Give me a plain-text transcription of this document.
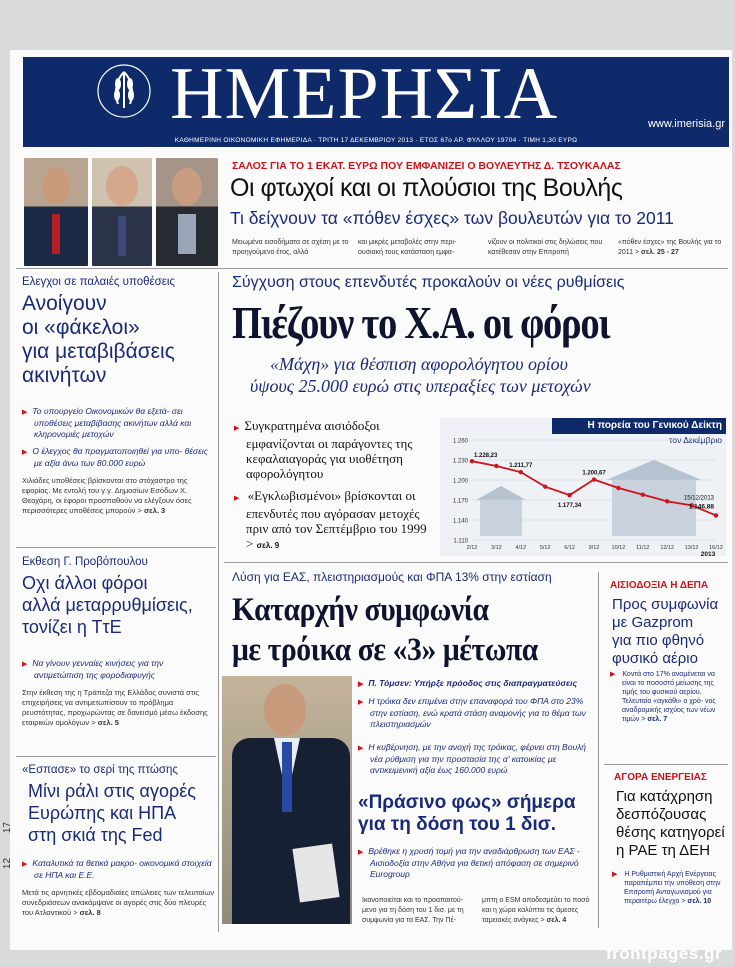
ΗΜΕΡΗΣΙΑ	www.imerisia.gr
ΚΑΘΗΜΕΡΙΝΗ ΟΙΚΟΝΟΜΙΚΗ ΕΦΗΜΕΡΙΔΑ · ΤΡΙΤΗ 17 ΔΕΚΕΜΒΡΙΟΥ 2013 · ΕΤΟΣ 67ο ΑΡ. ΦΥΛΛΟΥ 19704 · ΤΙΜΗ 1,30 ΕΥΡΩ
ΣΑΛΟΣ ΓΙΑ ΤΟ 1 ΕΚΑΤ. ΕΥΡΩ ΠΟΥ ΕΜΦΑΝΙΖΕΙ Ο ΒΟΥΛΕΥΤΗΣ Δ. ΤΣΟΥΚΑΛΑΣ
Οι φτωχοί και οι πλούσιοι της Βουλής
Τι δείχνουν τα «πόθεν έσχες» των βουλευτών για το 2011
Μειωμένα εισοδήματα σε σχέση με το προηγούμενο έτος, αλλά
και μικρές μεταβολές στην περι- ουσιακή τους κατάσταση εμφα-
νίζουν οι πολιτικοί στις δηλώσεις που κατέθεσαν στην Επιτροπή
«πόθεν έσχες» της Βουλής για το 2011 > σελ. 25 - 27
Ελεγχοι σε παλαιές υποθέσεις
Ανοίγουν
οι «φάκελοι»
για μεταβιβάσεις
ακινήτων
▶ Το υπουργείο Οικονομικών θα εξετά- σει υποθέσεις μεταβίβασης ακινήτων αλλά και κληρονομιές μετοχών
▶ Ο έλεγχος θα πραγματοποιηθεί για υπο- θέσεις με αξία άνω των 80.000 ευρώ
Χιλιάδες υποθέσεις βρίσκονται στο στόχαστρο της εφορίας. Με εντολή του γ.γ. Δημοσίων Εσόδων Χ. Θεοχάρη, οι έφοροι προσπαθούν να ελέγξουν όσες περισσότερες υποθέσεις μπορούν > σελ. 3
Εκθεση Γ. Προβόπουλου
Οχι άλλοι φόροι
αλλά μεταρρυθμίσεις,
τονίζει η ΤτΕ
▶ Να γίνουν γενναίες κινήσεις για την αντιμετώπιση της φοροδιαφυγής
Στην έκθεση της η Τράπεζα της Ελλάδος συνιστά στις επιχειρήσεις να αντιμετωπίσουν το πρόβλημα ρευστότητας, προχωρώντας σε δανεισμό μέσω έκδοσης εταιρικών ομολόγων > σελ. 5
«Εσπασε» το σερί της πτώσης
Μίνι ράλι στις αγορές
Ευρώπης και ΗΠΑ
στη σκιά της Fed
17
12
▶ Καταλυτικά τα θετικά μακρο- οικονομικά στοιχεία σε ΗΠΑ και Ε.Ε.
Μετά τις αρνητικές εβδομαδιαίες απώλειες των τελευταίων συνεδριάσεων ανακάμψανε οι αγορές στις δύο πλευρές του Ατλαντικού > σελ. 8
Σύγχυση στους επενδυτές προκαλούν οι νέες ρυθμίσεις
Πιέζουν το Χ.Α. οι φόροι
«Μάχη» για θέσπιση αφορολόγητου ορίου
ύψους 25.000 ευρώ στις υπεραξίες των μετοχών
▶ Συγκρατημένα αισιόδοξοι εμφανίζονται οι παράγοντες της κεφαλαιαγοράς για υιοθέτηση αφορολόγητου
▶ «Εγκλωβισμένοι» βρίσκονται οι επενδυτές που αγόρασαν μετοχές πριν από τον Σεπτέμβριο του 1999 > σελ. 9
Η πορεία του Γενικού Δείκτη
τον Δεκέμβριο
1.110
1.140
1.170
1.200
1.230
1.260
2/12 3/12 4/12 5/12 6/12 9/12 10/12 11/12 12/12 13/12 16/12
2013
1.228,23
1.211,77
1.177,34
1.200,67
15/12/2013
1.146,88
Λύση για ΕΑΣ, πλειστηριασμούς και ΦΠΑ 13% στην εστίαση
Καταρχήν συμφωνία
με τρόικα σε «3» μέτωπα
▶ Π. Τόμσεν: Υπήρξε πρόοδος στις διαπραγματεύσεις
▶ Η τρόικα δεν επιμένει στην επαναφορά του ΦΠΑ στο 23% στην εστίαση, ενώ κρατά στάση αναμονής για το θέμα των πλειστηριασμών
▶ Η κυβέρνηση, με την ανοχή της τρόικας, φέρνει στη Βουλή νέα ρύθμιση για την προστασία της α' κατοικίας με αντικειμενική αξία έως 160.000 ευρώ
«Πράσινο φως» σήμερα
για τη δόση του 1 δισ.
▶ Βρέθηκε η χρυσή τομή για την αναδιάρθρωση των ΕΑΣ - Αισιοδοξία στην Αθήνα για θετική απόφαση σε σημερινό Eurogroup
Ικανοποιείται και το προαπαιτού- μενο για τη δόση του 1 δισ. με τη συμφωνία για τα ΕΑΣ. Την Πέ-
μπτη ο ESM αποδεσμεύει το ποσό και η χώρα καλύπτει τις άμεσες ταμειακές ανάγκες > σελ. 4
ΑΙΣΙΟΔΟΞΙΑ Η ΔΕΠΑ
Προς συμφωνία
με Gazprom
για πιο φθηνό
φυσικό αέριο
▶ Κοντά στο 17% αναμένεται να είναι το ποσοστό μείωσης της τιμής του φυσικού αερίου. Τελευταίο «αγκάθι» ο χρό- νος αναδρομικής ισχύος των νέων τιμών > σελ. 7
ΑΓΟΡΑ ΕΝΕΡΓΕΙΑΣ
Για κατάχρηση
δεσπόζουσας
θέσης κατηγορεί
η ΡΑΕ τη ΔΕΗ
▶ Η Ρυθμιστική Αρχή Ενέργειας παραπέμπει την υπόθεση στην Επιτροπή Ανταγωνισμού για περαιτέρω έλεγχο > σελ. 10
digitized for
frontpages.gr
